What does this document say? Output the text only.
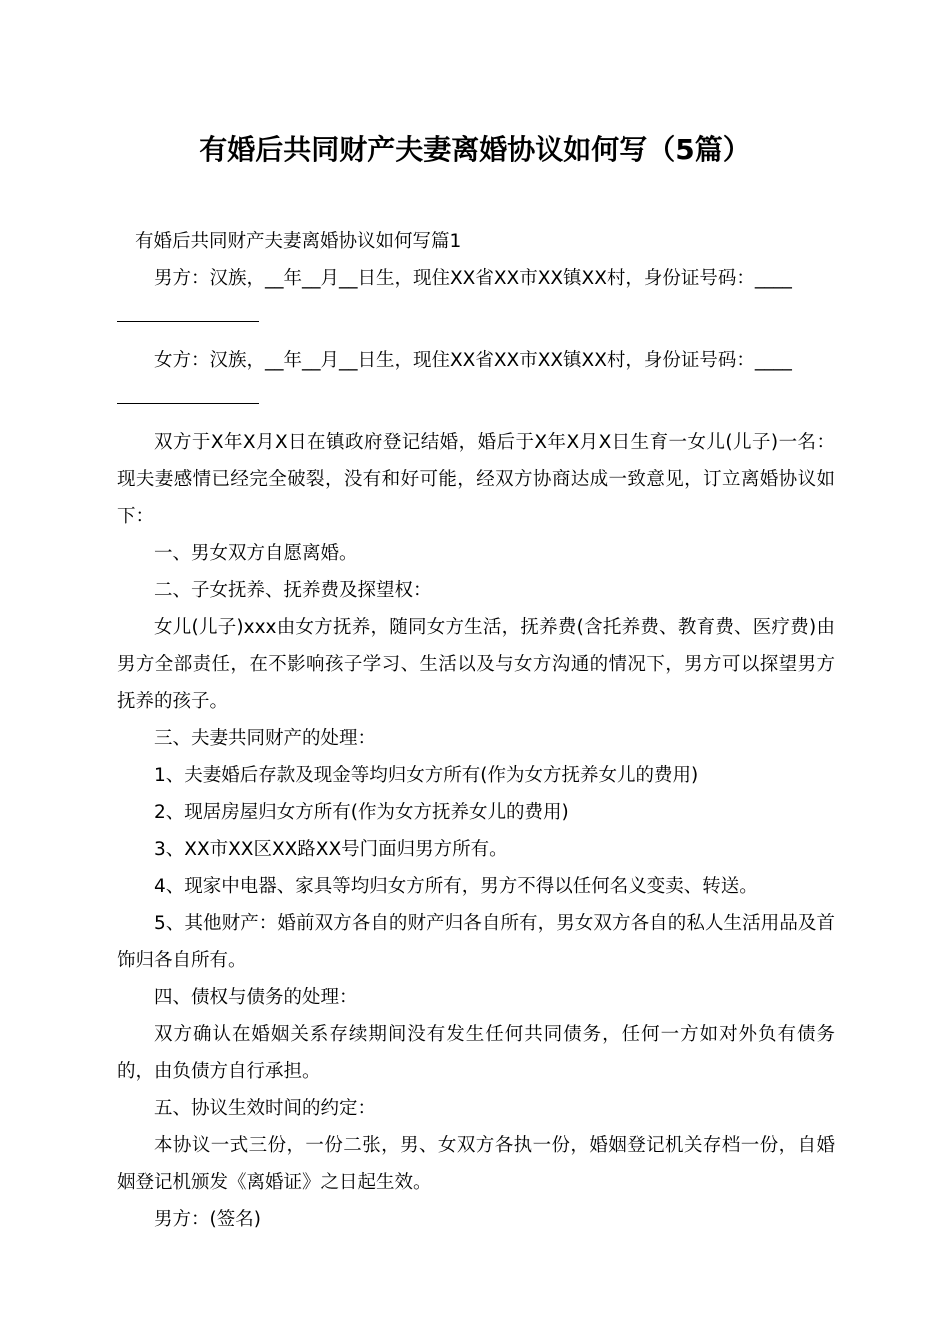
有婚后共同财产夫妻离婚协议如何写（5篇）

有婚后共同财产夫妻离婚协议如何写篇1

男方：汉族，__年__月__日生，现住XX省XX市XX镇XX村，身份证号码：____

女方：汉族，__年__月__日生，现住XX省XX市XX镇XX村，身份证号码：____

双方于X年X月X日在镇政府登记结婚，婚后于X年X月X日生育一女儿(儿子)一名：现夫妻感情已经完全破裂，没有和好可能，经双方协商达成一致意见，订立离婚协议如下：

一、男女双方自愿离婚。

二、子女抚养、抚养费及探望权：

女儿(儿子)xxx由女方抚养，随同女方生活，抚养费(含托养费、教育费、医疗费)由男方全部责任，在不影响孩子学习、生活以及与女方沟通的情况下，男方可以探望男方抚养的孩子。

三、夫妻共同财产的处理：

1、夫妻婚后存款及现金等均归女方所有(作为女方抚养女儿的费用)

2、现居房屋归女方所有(作为女方抚养女儿的费用)

3、XX市XX区XX路XX号门面归男方所有。

4、现家中电器、家具等均归女方所有，男方不得以任何名义变卖、转送。

5、其他财产：婚前双方各自的财产归各自所有，男女双方各自的私人生活用品及首饰归各自所有。

四、债权与债务的处理：

双方确认在婚姻关系存续期间没有发生任何共同债务，任何一方如对外负有债务的，由负债方自行承担。

五、协议生效时间的约定：

本协议一式三份，一份二张，男、女双方各执一份，婚姻登记机关存档一份，自婚姻登记机颁发《离婚证》之日起生效。

男方：(签名)
